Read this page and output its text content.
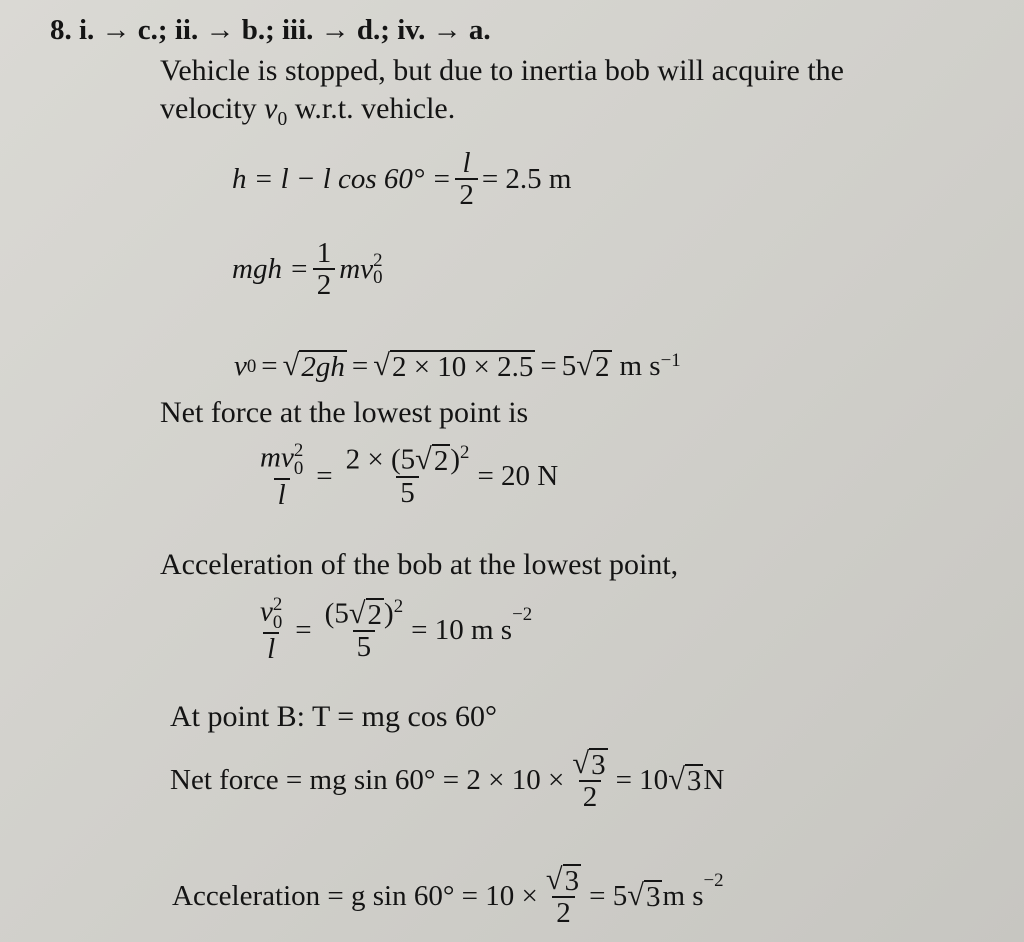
8. i. → c.; ii. → b.; iii. → d.; iv. → a.
Vehicle is stopped, but due to inertia bob will acquire the
velocity $v_0$ w.r.t. vehicle.
h = l − l $\cos 60^\circ = \frac{l}{2} = 2.5$ m
mgh = $\frac{1}{2}$ mv 2
0
v 0 = √ 2gh = √ 2 × 10 × 2.5 = 5 √ 2 m s −1
Net force at the lowest point is
mv 2
0
$l = \frac{2 \times (5 √ 2 )^2}{5} = 20$ N
Acceleration of the bob at the lowest point,
v 2
0
$l = \frac{(5 √ 2 )^2}{5} = 10$ m $s^{-2}$
At point B: T = mg cos 60°
Net force = mg $\sin 60^\circ = 2 \times 10 \times \frac{√ 3}{2} = 10$ √ 3 N
Acceleration = g $\sin 60^\circ = 10 \times \frac{√ 3}{2} = 5$ √ 3 m $s^{-2}$
